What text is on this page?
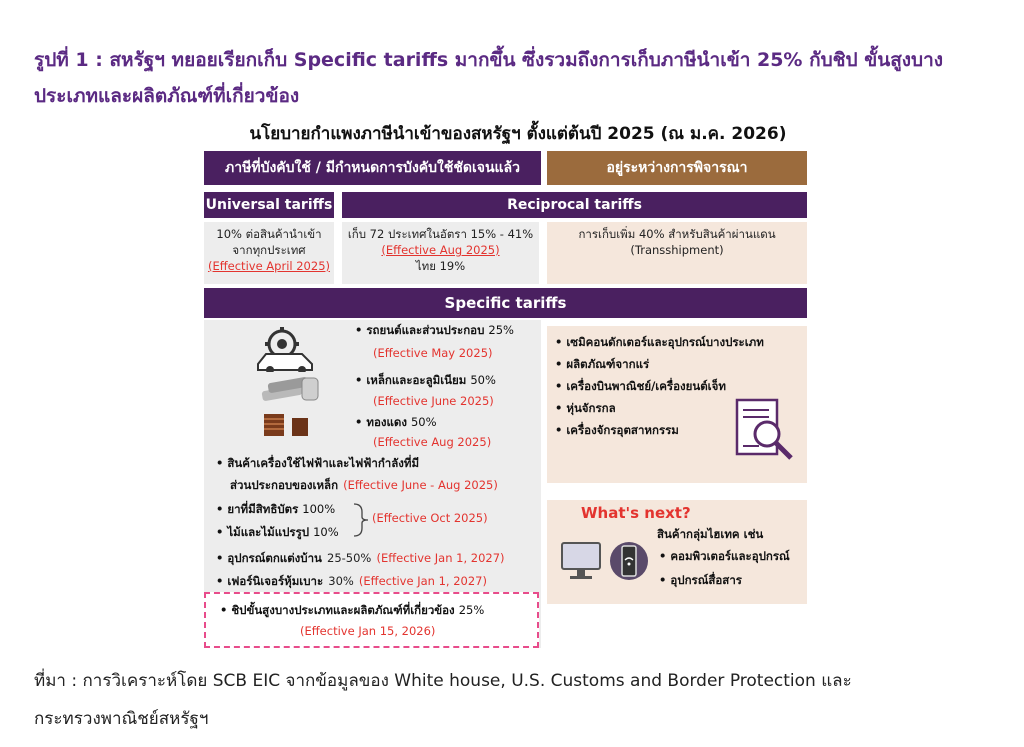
รูปที่ 1 : สหรัฐฯ ทยอยเรียกเก็บ Specific tariffs มากขึ้น ซึ่งรวมถึงการเก็บภาษีนำเข้า 25% กับชิป ขั้นสูงบางประเภทและผลิตภัณฑ์ที่เกี่ยวข้อง
นโยบายกำแพงภาษีนำเข้าของสหรัฐฯ ตั้งแต่ต้นปี 2025 (ณ ม.ค. 2026)
ภาษีที่บังคับใช้ / มีกำหนดการบังคับใช้ชัดเจนแล้ว	อยู่ระหว่างการพิจารณา
Universal tariffs	Reciprocal tariffs
10% ต่อสินค้านำเข้า
จากทุกประเทศ
(Effective April 2025)
เก็บ 72 ประเทศในอัตรา 15% - 41%
(Effective Aug 2025)
ไทย 19%
การเก็บเพิ่ม 40% สำหรับสินค้าผ่านแดน
(Transshipment)
Specific tariffs
• รถยนต์และส่วนประกอบ 25%
(Effective May 2025)
• เหล็กและอะลูมิเนียม 50%
(Effective June 2025)
• ทองแดง 50%
(Effective Aug 2025)
• สินค้าเครื่องใช้ไฟฟ้าและไฟฟ้ากำลังที่มี
ส่วนประกอบของเหล็ก (Effective June - Aug 2025)
• ยาที่มีสิทธิบัตร 100%
• ไม้และไม้แปรรูป 10%
(Effective Oct 2025)
• อุปกรณ์ตกแต่งบ้าน 25-50% (Effective Jan 1, 2027)
• เฟอร์นิเจอร์หุ้มเบาะ 30% (Effective Jan 1, 2027)
• ชิปขั้นสูงบางประเภทและผลิตภัณฑ์ที่เกี่ยวข้อง 25%
(Effective Jan 15, 2026)
• เซมิคอนดักเตอร์และอุปกรณ์บางประเภท
• ผลิตภัณฑ์จากแร่
• เครื่องบินพาณิชย์/เครื่องยนต์เจ็ท
• หุ่นจักรกล
• เครื่องจักรอุตสาหกรรม
What's next?
สินค้ากลุ่มไฮเทค เช่น
• คอมพิวเตอร์และอุปกรณ์
• อุปกรณ์สื่อสาร
ที่มา : การวิเคราะห์โดย SCB EIC จากข้อมูลของ White house, U.S. Customs and Border Protection และ
กระทรวงพาณิชย์สหรัฐฯ
